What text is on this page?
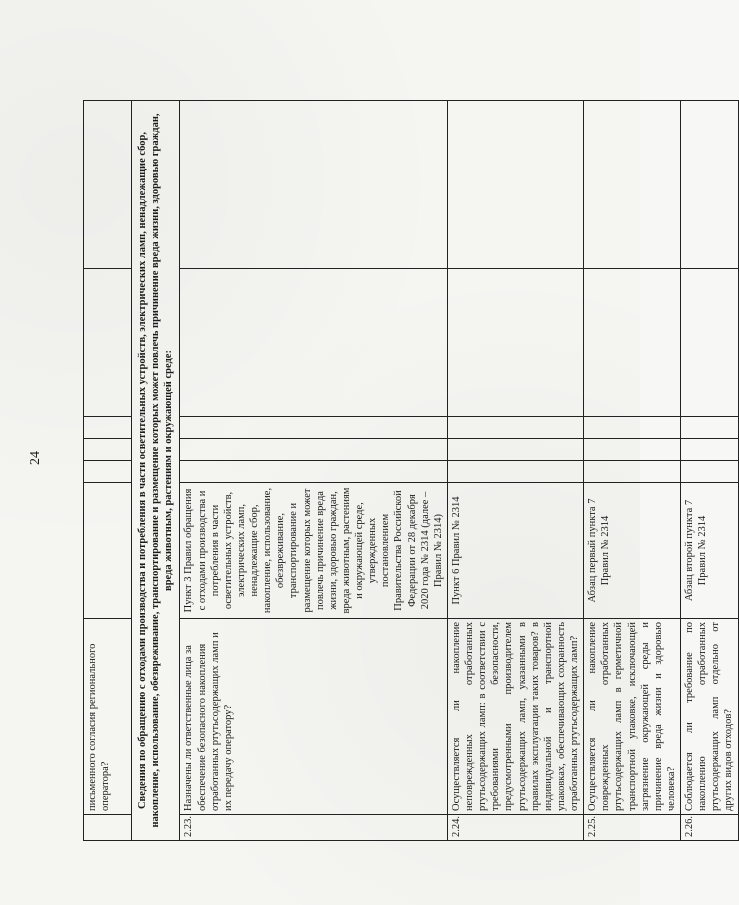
24
	письменного согласия регионального оператора?						
Сведения по обращению с отходами производства и потребления в части осветительных устройств, электрических ламп, ненадлежащие сбор, накопление, использование, обезвреживание, транспортирование и размещение которых может повлечь причинение вреда жизни, здоровью граждан, вреда животным, растениям и окружающей среде:							
2.23.	Назначены ли ответственные лица за обеспечение безопасного накопления отработанных ртутьсодержащих ламп и их передачу оператору?	Пункт 3 Правил обращения с отходами производства и потребления в части осветительных устройств, электрических ламп, ненадлежащие сбор, накопление, использование, обезвреживание, транспортирование и размещение которых может повлечь причинение вреда жизни, здоровью граждан, вреда животным, растениям и окружающей среде, утвержденных постановлением Правительства Российской Федерации от 28 декабря 2020 года № 2314 (далее – Правил № 2314)					
2.24.	Осуществляется ли накопление неповрежденных отработанных ртутьсодержащих ламп: в соответствии с требованиями безопасности, предусмотренными производителем ртутьсодержащих ламп, указанными в правилах эксплуатации таких товаров? в индивидуальной и транспортной упаковках, обеспечивающих сохранность отработанных ртутьсодержащих ламп?	Пункт 6 Правил № 2314					
2.25.	Осуществляется ли накопление поврежденных отработанных ртутьсодержащих ламп в герметичной транспортной упаковке, исключающей загрязнение окружающей среды и причинение вреда жизни и здоровью человека?	Абзац первый пункта 7 Правил № 2314					
2.26.	Соблюдается ли требование по накоплению отработанных ртутьсодержащих ламп отдельно от других видов отходов?	Абзац второй пункта 7 Правил № 2314					
